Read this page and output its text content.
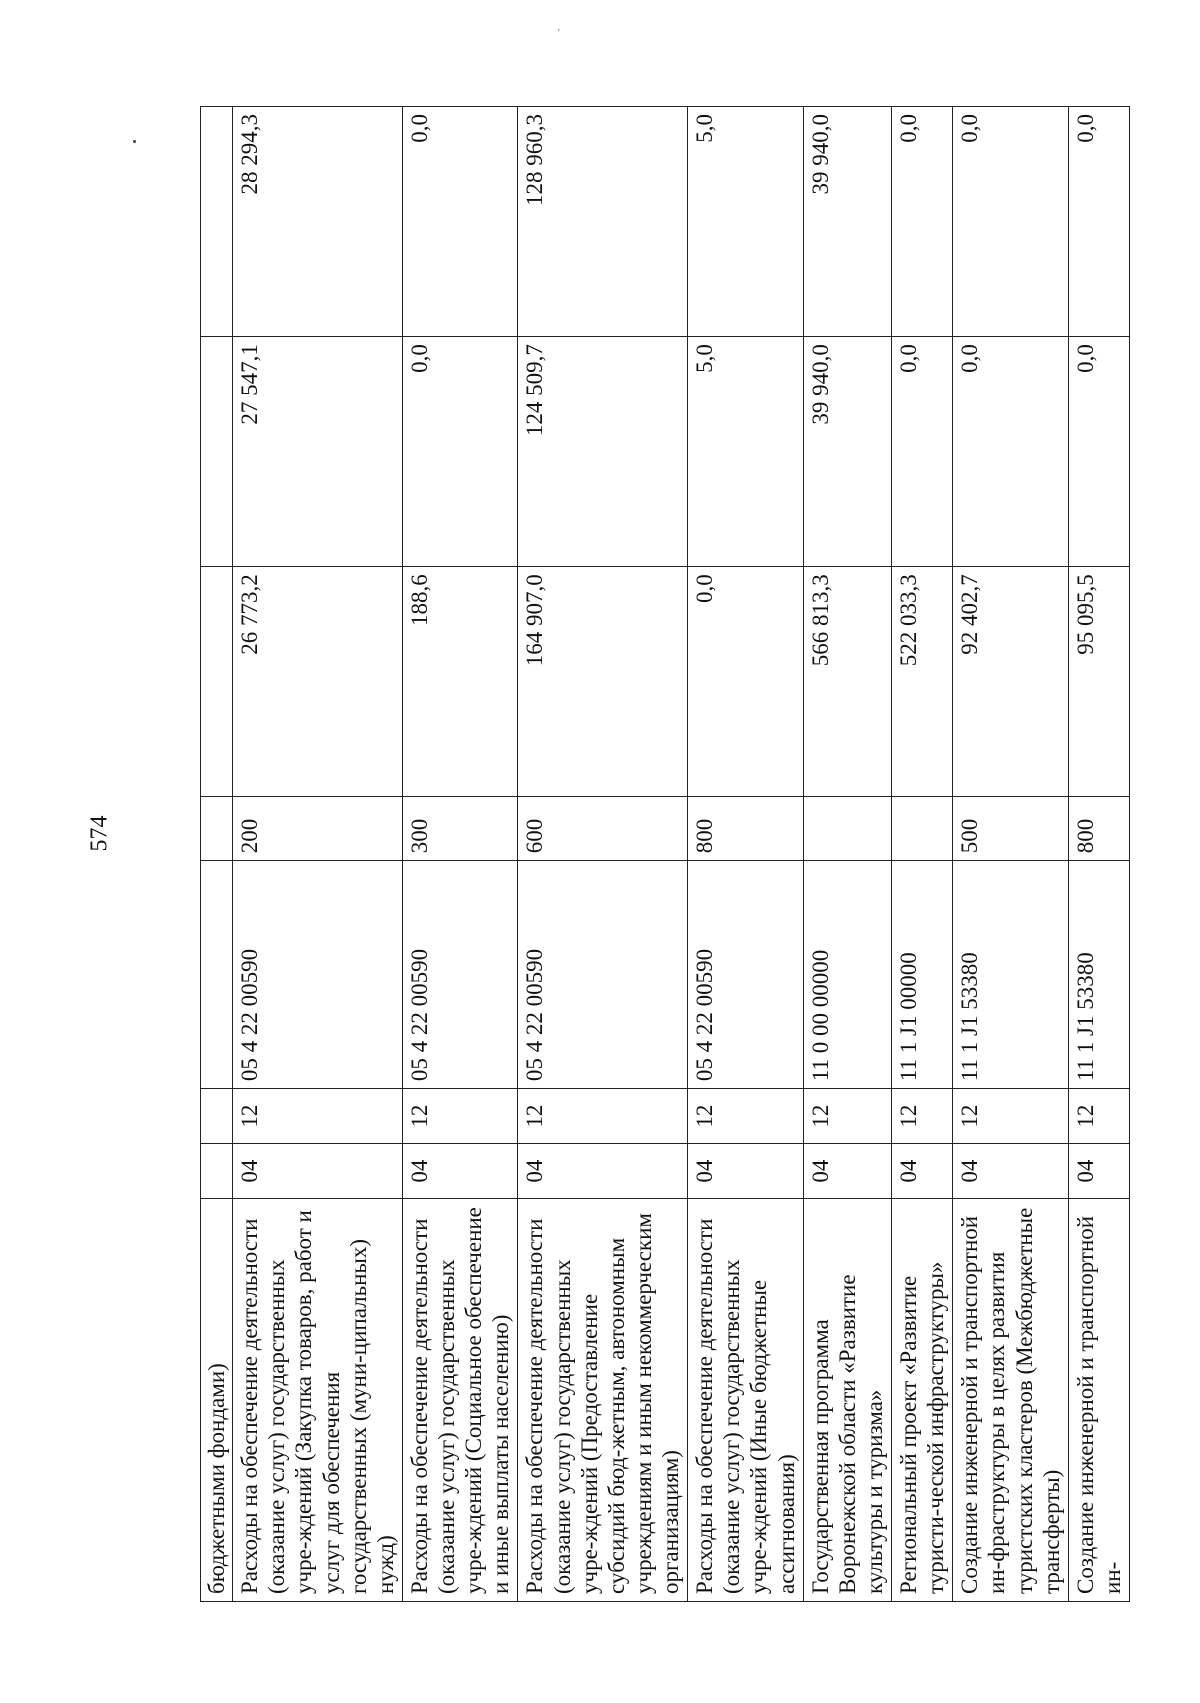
574
ʼ
бюджетными фондами)							
Расходы на обеспечение деятельности (оказание услуг) государственных учре-ждений (Закупка товаров, работ и услуг для обеспечения государственных (муни-ципальных) нужд)	04	12	05 4 22 00590	200	26 773,2	27 547,1	28 294,3
Расходы на обеспечение деятельности (оказание услуг) государственных учре-ждений (Социальное обеспечение и иные выплаты населению)	04	12	05 4 22 00590	300	188,6	0,0	0,0
Расходы на обеспечение деятельности (оказание услуг) государственных учре-ждений (Предоставление субсидий бюд-жетным, автономным учреждениям и иным некоммерческим организациям)	04	12	05 4 22 00590	600	164 907,0	124 509,7	128 960,3
Расходы на обеспечение деятельности (оказание услуг) государственных учре-ждений (Иные бюджетные ассигнования)	04	12	05 4 22 00590	800	0,0	5,0	5,0
Государственная программа Воронежской области «Развитие культуры и туризма»	04	12	11 0 00 00000		566 813,3	39 940,0	39 940,0
Региональный проект «Развитие туристи-ческой инфраструктуры»	04	12	11 1 J1 00000		522 033,3	0,0	0,0
Создание инженерной и транспортной ин-фраструктуры в целях развития туристских кластеров (Межбюджетные трансферты)	04	12	11 1 J1 53380	500	92 402,7	0,0	0,0
Создание инженерной и транспортной ин-	04	12	11 1 J1 53380	800	95 095,5	0,0	0,0
